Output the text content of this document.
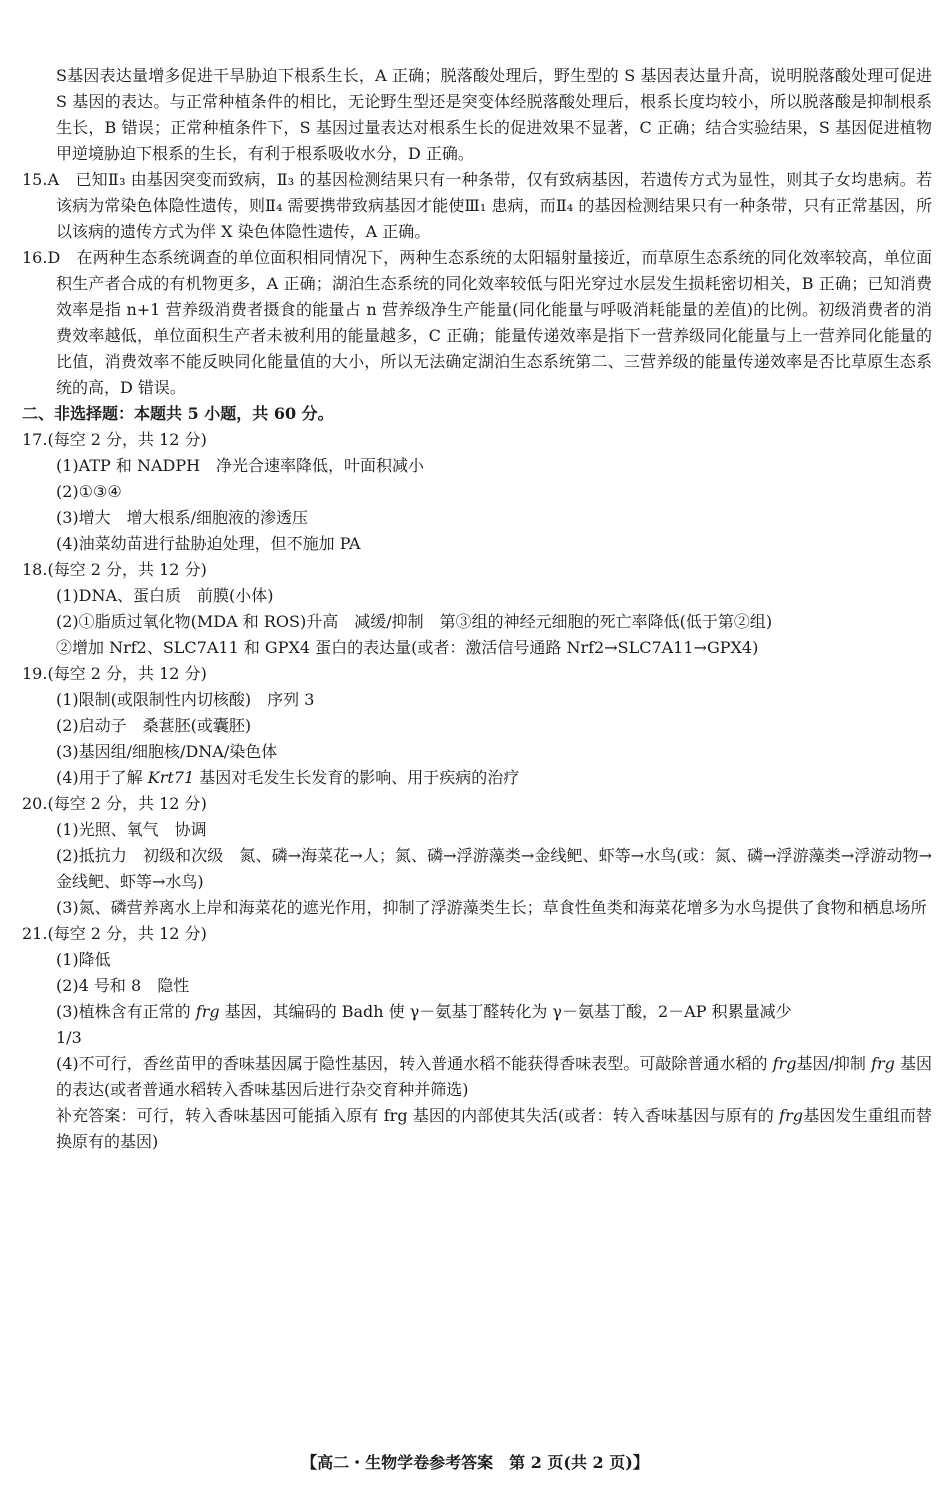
S基因表达量增多促进干旱胁迫下根系生长，A 正确；脱落酸处理后，野生型的 S 基因表达量升高，说明脱落酸处理可促进 S 基因的表达。与正常种植条件的相比，无论野生型还是突变体经脱落酸处理后，根系长度均较小，所以脱落酸是抑制根系生长，B 错误；正常种植条件下，S 基因过量表达对根系生长的促进效果不显著，C 正确；结合实验结果，S 基因促进植物甲逆境胁迫下根系的生长，有利于根系吸收水分，D 正确。

15.A　已知Ⅱ₃ 由基因突变而致病，Ⅱ₃ 的基因检测结果只有一种条带，仅有致病基因，若遗传方式为显性，则其子女均患病。若该病为常染色体隐性遗传，则Ⅱ₄ 需要携带致病基因才能使Ⅲ₁ 患病，而Ⅱ₄ 的基因检测结果只有一种条带，只有正常基因，所以该病的遗传方式为伴 X 染色体隐性遗传，A 正确。

16.D　在两种生态系统调查的单位面积相同情况下，两种生态系统的太阳辐射量接近，而草原生态系统的同化效率较高，单位面积生产者合成的有机物更多，A 正确；湖泊生态系统的同化效率较低与阳光穿过水层发生损耗密切相关，B 正确；已知消费效率是指 n+1 营养级消费者摄食的能量占 n 营养级净生产能量(同化能量与呼吸消耗能量的差值)的比例。初级消费者的消费效率越低，单位面积生产者未被利用的能量越多，C 正确；能量传递效率是指下一营养级同化能量与上一营养同化能量的比值，消费效率不能反映同化能量值的大小，所以无法确定湖泊生态系统第二、三营养级的能量传递效率是否比草原生态系统的高，D 错误。

二、非选择题：本题共 5 小题，共 60 分。

17.(每空 2 分，共 12 分)

(1)ATP 和 NADPH　净光合速率降低，叶面积减小

(2)①③④

(3)增大　增大根系/细胞液的渗透压

(4)油菜幼苗进行盐胁迫处理，但不施加 PA

18.(每空 2 分，共 12 分)

(1)DNA、蛋白质　前膜(小体)

(2)①脂质过氧化物(MDA 和 ROS)升高　减缓/抑制　第③组的神经元细胞的死亡率降低(低于第②组)

②增加 Nrf2、SLC7A11 和 GPX4 蛋白的表达量(或者：激活信号通路 Nrf2→SLC7A11→GPX4)

19.(每空 2 分，共 12 分)

(1)限制(或限制性内切核酸)　序列 3

(2)启动子　桑葚胚(或囊胚)

(3)基因组/细胞核/DNA/染色体

(4)用于了解 Krt71 基因对毛发生长发育的影响、用于疾病的治疗

20.(每空 2 分，共 12 分)

(1)光照、氧气　协调

(2)抵抗力　初级和次级　氮、磷→海菜花→人；氮、磷→浮游藻类→金线鲃、虾等→水鸟(或：氮、磷→浮游藻类→浮游动物→金线鲃、虾等→水鸟)

(3)氮、磷营养离水上岸和海菜花的遮光作用，抑制了浮游藻类生长；草食性鱼类和海菜花增多为水鸟提供了食物和栖息场所

21.(每空 2 分，共 12 分)

(1)降低

(2)4 号和 8　隐性

(3)植株含有正常的 frg 基因，其编码的 Badh 使 γ－氨基丁醛转化为 γ－氨基丁酸，2－AP 积累量减少

1/3

(4)不可行，香丝苗甲的香味基因属于隐性基因，转入普通水稻不能获得香味表型。可敲除普通水稻的 frg基因/抑制 frg 基因的表达(或者普通水稻转入香味基因后进行杂交育种并筛选)

补充答案：可行，转入香味基因可能插入原有 frg 基因的内部使其失活(或者：转入香味基因与原有的 frg基因发生重组而替换原有的基因)

【高二・生物学卷参考答案　第 2 页(共 2 页)】
